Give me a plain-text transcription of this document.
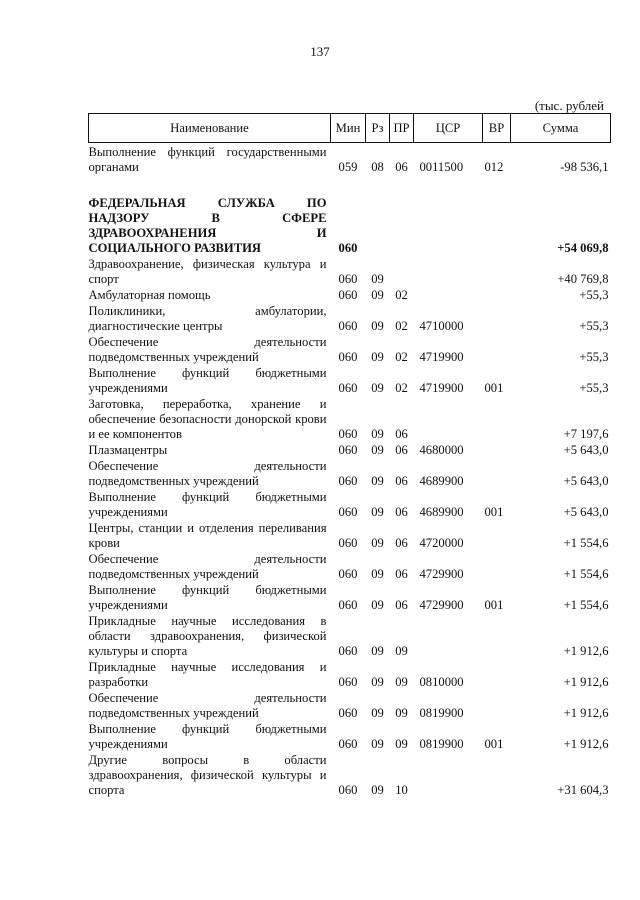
137
(тыс. рублей
Наименование	Мин	Рз	ПР	ЦСР	ВР	Сумма
Выполнение функций государственными органами	059	08	06	0011500	012	-98 536,1
ФЕДЕРАЛЬНАЯ СЛУЖБА ПО НАДЗОРУ В СФЕРЕ ЗДРАВООХРАНЕНИЯ И СОЦИАЛЬНОГО РАЗВИТИЯ	060					+54 069,8
Здравоохранение, физическая культура и спорт	060	09				+40 769,8
Амбулаторная помощь	060	09	02			+55,3
Поликлиники, амбулатории, диагностические центры	060	09	02	4710000		+55,3
Обеспечение деятельности подведомственных учреждений	060	09	02	4719900		+55,3
Выполнение функций бюджетными учреждениями	060	09	02	4719900	001	+55,3
Заготовка, переработка, хранение и обеспечение безопасности донорской крови и ее компонентов	060	09	06			+7 197,6
Плазмацентры	060	09	06	4680000		+5 643,0
Обеспечение деятельности подведомственных учреждений	060	09	06	4689900		+5 643,0
Выполнение функций бюджетными учреждениями	060	09	06	4689900	001	+5 643,0
Центры, станции и отделения переливания крови	060	09	06	4720000		+1 554,6
Обеспечение деятельности подведомственных учреждений	060	09	06	4729900		+1 554,6
Выполнение функций бюджетными учреждениями	060	09	06	4729900	001	+1 554,6
Прикладные научные исследования в области здравоохранения, физической культуры и спорта	060	09	09			+1 912,6
Прикладные научные исследования и разработки	060	09	09	0810000		+1 912,6
Обеспечение деятельности подведомственных учреждений	060	09	09	0819900		+1 912,6
Выполнение функций бюджетными учреждениями	060	09	09	0819900	001	+1 912,6
Другие вопросы в области здравоохранения, физической культуры и спорта	060	09	10			+31 604,3
